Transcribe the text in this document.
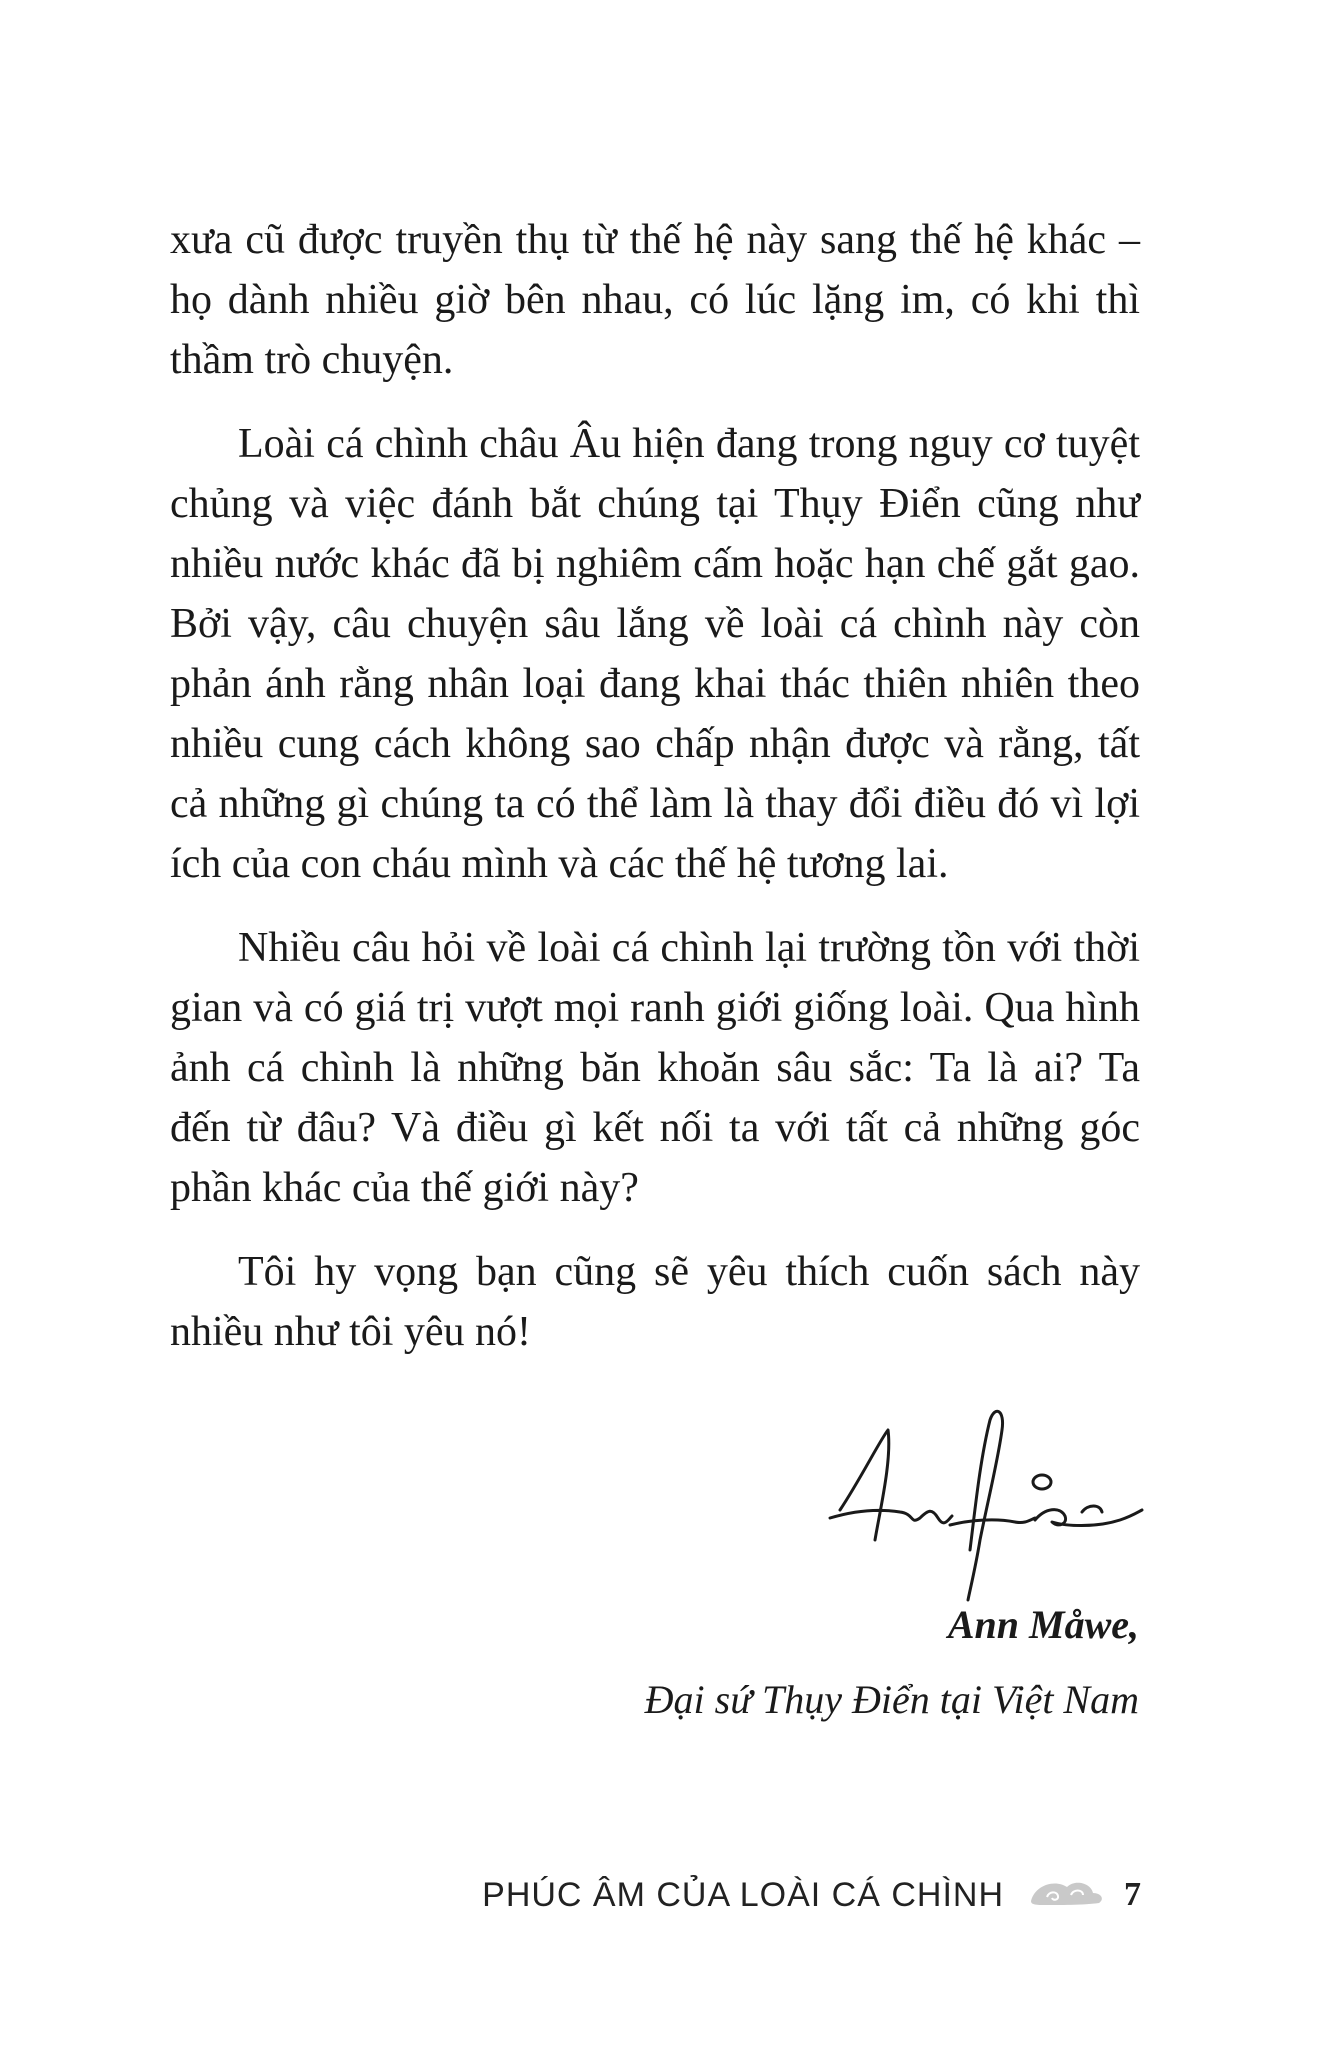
xưa cũ được truyền thụ từ thế hệ này sang thế hệ khác – họ dành nhiều giờ bên nhau, có lúc lặng im, có khi thì thầm trò chuyện.

Loài cá chình châu Âu hiện đang trong nguy cơ tuyệt chủng và việc đánh bắt chúng tại Thụy Điển cũng như nhiều nước khác đã bị nghiêm cấm hoặc hạn chế gắt gao. Bởi vậy, câu chuyện sâu lắng về loài cá chình này còn phản ánh rằng nhân loại đang khai thác thiên nhiên theo nhiều cung cách không sao chấp nhận được và rằng, tất cả những gì chúng ta có thể làm là thay đổi điều đó vì lợi ích của con cháu mình và các thế hệ tương lai.

Nhiều câu hỏi về loài cá chình lại trường tồn với thời gian và có giá trị vượt mọi ranh giới giống loài. Qua hình ảnh cá chình là những băn khoăn sâu sắc: Ta là ai? Ta đến từ đâu? Và điều gì kết nối ta với tất cả những góc phần khác của thế giới này?

Tôi hy vọng bạn cũng sẽ yêu thích cuốn sách này nhiều như tôi yêu nó!

Ann Måwe,
Đại sứ Thụy Điển tại Việt Nam
PHÚC ÂM CỦA LOÀI CÁ CHÌNH	7
